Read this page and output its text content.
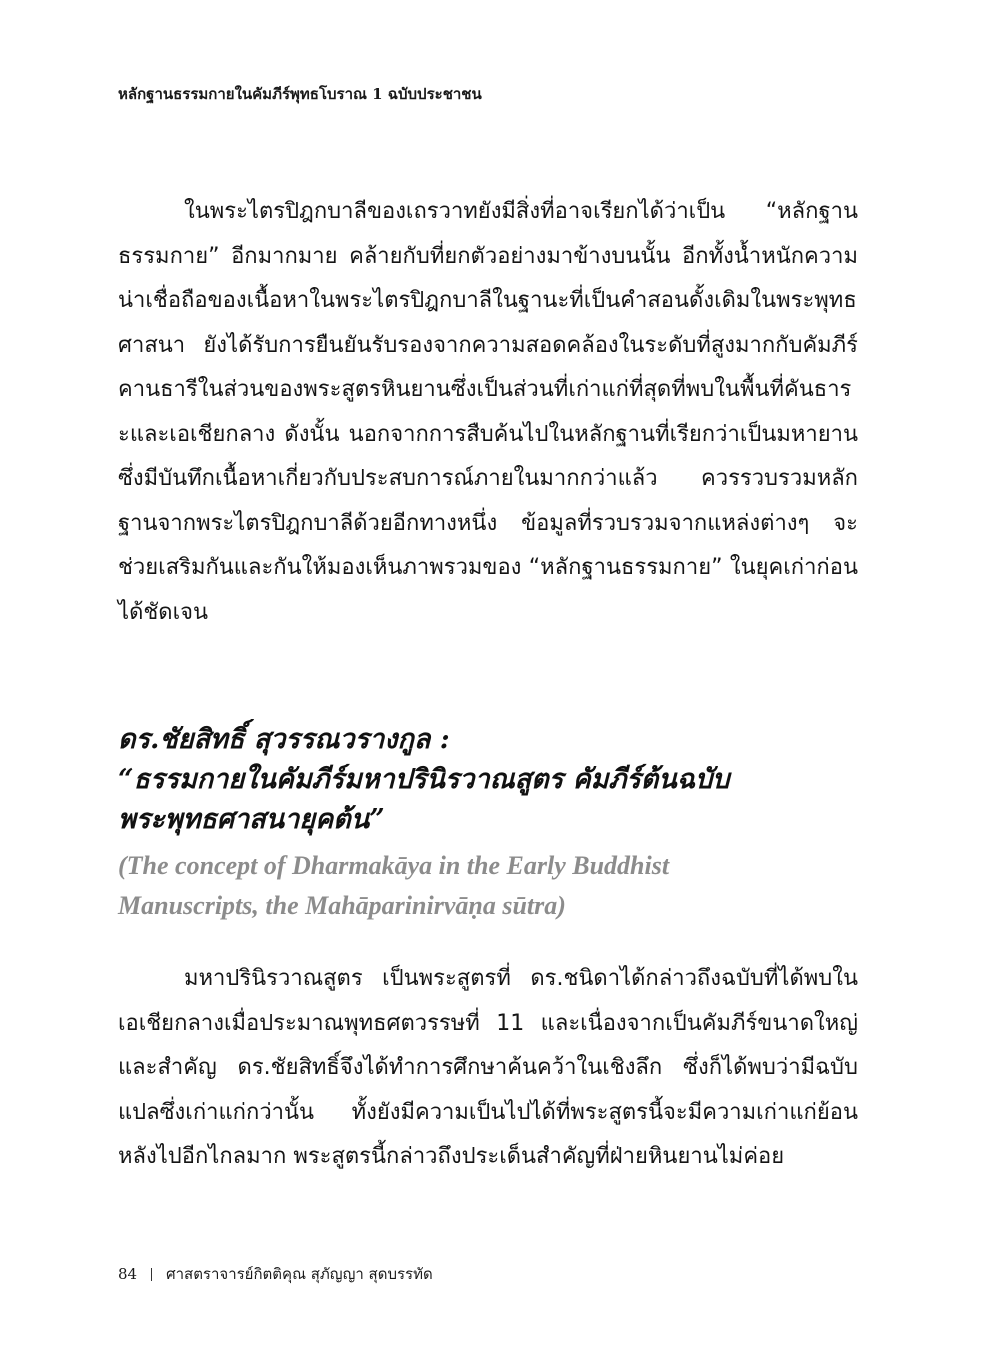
หลักฐานธรรมกายในคัมภีร์พุทธโบราณ 1 ฉบับประชาชน

ในพระไตรปิฎกบาลีของเถรวาทยังมีสิ่งที่อาจเรียกได้ว่าเป็น “หลักฐานธรรมกาย” อีกมากมาย คล้ายกับที่ยกตัวอย่างมาข้างบนนั้น อีกทั้งน้ำหนักความน่าเชื่อถือของเนื้อหาในพระไตรปิฎกบาลีในฐานะที่เป็นคำสอนดั้งเดิมในพระพุทธศาสนา ยังได้รับการยืนยันรับรองจากความสอดคล้องในระดับที่สูงมากกับคัมภีร์คานธารีในส่วนของพระสูตรหินยานซึ่งเป็นส่วนที่เก่าแก่ที่สุดที่พบในพื้นที่คันธาระและเอเชียกลาง ดังนั้น นอกจากการสืบค้นไปในหลักฐานที่เรียกว่าเป็นมหายานซึ่งมีบันทึกเนื้อหาเกี่ยวกับประสบการณ์ภายในมากกว่าแล้ว ควรรวบรวมหลักฐานจากพระไตรปิฎกบาลีด้วยอีกทางหนึ่ง ข้อมูลที่รวบรวมจากแหล่งต่างๆ จะช่วยเสริมกันและกันให้มองเห็นภาพรวมของ “หลักฐานธรรมกาย” ในยุคเก่าก่อนได้ชัดเจน

ดร.ชัยสิทธิ์ สุวรรณวรางกูล :
“ธรรมกายในคัมภีร์มหาปรินิรวาณสูตร คัมภีร์ต้นฉบับ
พระพุทธศาสนายุคต้น”
(The concept of Dharmakāya in the Early Buddhist
Manuscripts, the Mahāparinirvāṇa sūtra)

มหาปรินิรวาณสูตร เป็นพระสูตรที่ ดร.ชนิดาได้กล่าวถึงฉบับที่ได้พบในเอเชียกลางเมื่อประมาณพุทธศตวรรษที่ 11 และเนื่องจากเป็นคัมภีร์ขนาดใหญ่และสำคัญ ดร.ชัยสิทธิ์จึงได้ทำการศึกษาค้นคว้าในเชิงลึก ซึ่งก็ได้พบว่ามีฉบับแปลซึ่งเก่าแก่กว่านั้น ทั้งยังมีความเป็นไปได้ที่พระสูตรนี้จะมีความเก่าแก่ย้อนหลังไปอีกไกลมาก พระสูตรนี้กล่าวถึงประเด็นสำคัญที่ฝ่ายหินยานไม่ค่อย

84 ศาสตราจารย์กิตติคุณ สุภัญญา สุดบรรทัด
